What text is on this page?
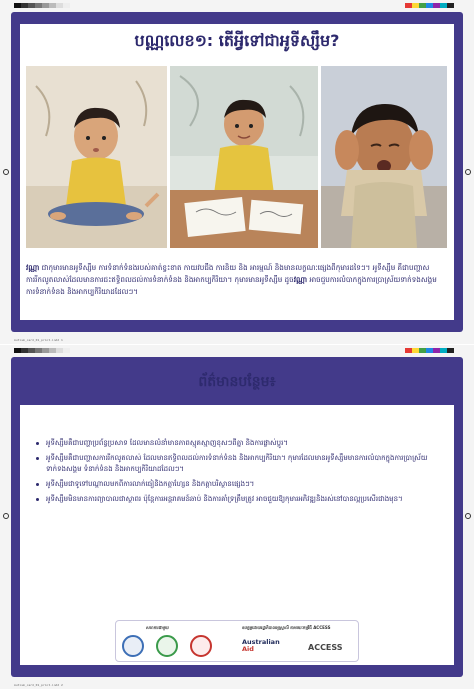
បណ្ណលេខ១: តើអ្វីទៅជាអូទីស្សឹម?

វណ្ណា ជាកុមារមានអូទីស្សឹម ការទំនាក់ទំនងរបស់គាត់ខ្វះខាត កាយវបជឹង ការនិយ និង អារម្មណ៍ និងមានលក្ខណៈផ្សេងពីកុមារដទៃៗ។ អូទីស្សឹម គឺជាបញ្ហាសការរីកលូតលាស់ដែលមានការជះឥទ្ធិពលដល់ការទំនាក់ទំនង និងអាកប្បកិរិយា។ កុមារមានអូទីស្សឹម ដូចវណ្ណា អាចជួបការលំបាកក្នុងការប្រាស្រ័យទាក់ទងសង្គម ការទំនាក់ទំនង និងអាកប្បកិរិយាដដែលៗ។

Autism_card_01_print.indd 1
Autism_card_01_print.indd 2
ព័ត៌មានបន្ថែម៖
អូទីស្សឹមគឺជាបញ្ហាប្រព័ន្ធប្រសាទ ដែលមានលំនាំមានភាពស្មុគស្មាញខុសៗពីគ្នា និងការផ្លាស់ប្តូរ។
អូទីស្សឹមគឺជាបញ្ហាសការរីកលូតលាស់ ដែលមានឥទ្ធិពលដល់ការទំនាក់ទំនង និងអាកប្បកិរិយា។ កុមារដែលមានអូទីស្សឹមមានការលំបាកក្នុងការប្រាស្រ័យទាក់ទងសង្គម ទំនាក់ទំនង និងអាកប្បកិរិយាដដែលៗ។
អូទីស្សឹមជាទូទៅបណ្តាលមកពីការលាក់ធៀនិងកត្តាហ្សែន និងកត្តាបរិស្ថានផ្សេងៗ។
អូទីស្សឹមមិនមានការព្យាបាលជាស្ថាពរ ប៉ុន្តែការអន្តរាគមន៍ឆាប់ និងការគាំទ្រត្រឹមត្រូវ អាចជួយឱ្យកុមារអភិវឌ្ឍនិងរស់នៅបានល្អប្រសើរជាងមុន។
សហការជាមួយ	ឧបត្ថម្ភដោយរដ្ឋាភិបាលអូស្ត្រាលី តាមរយៈកម្មវិធី ACCESS
Australian
Aid	ACCESS
